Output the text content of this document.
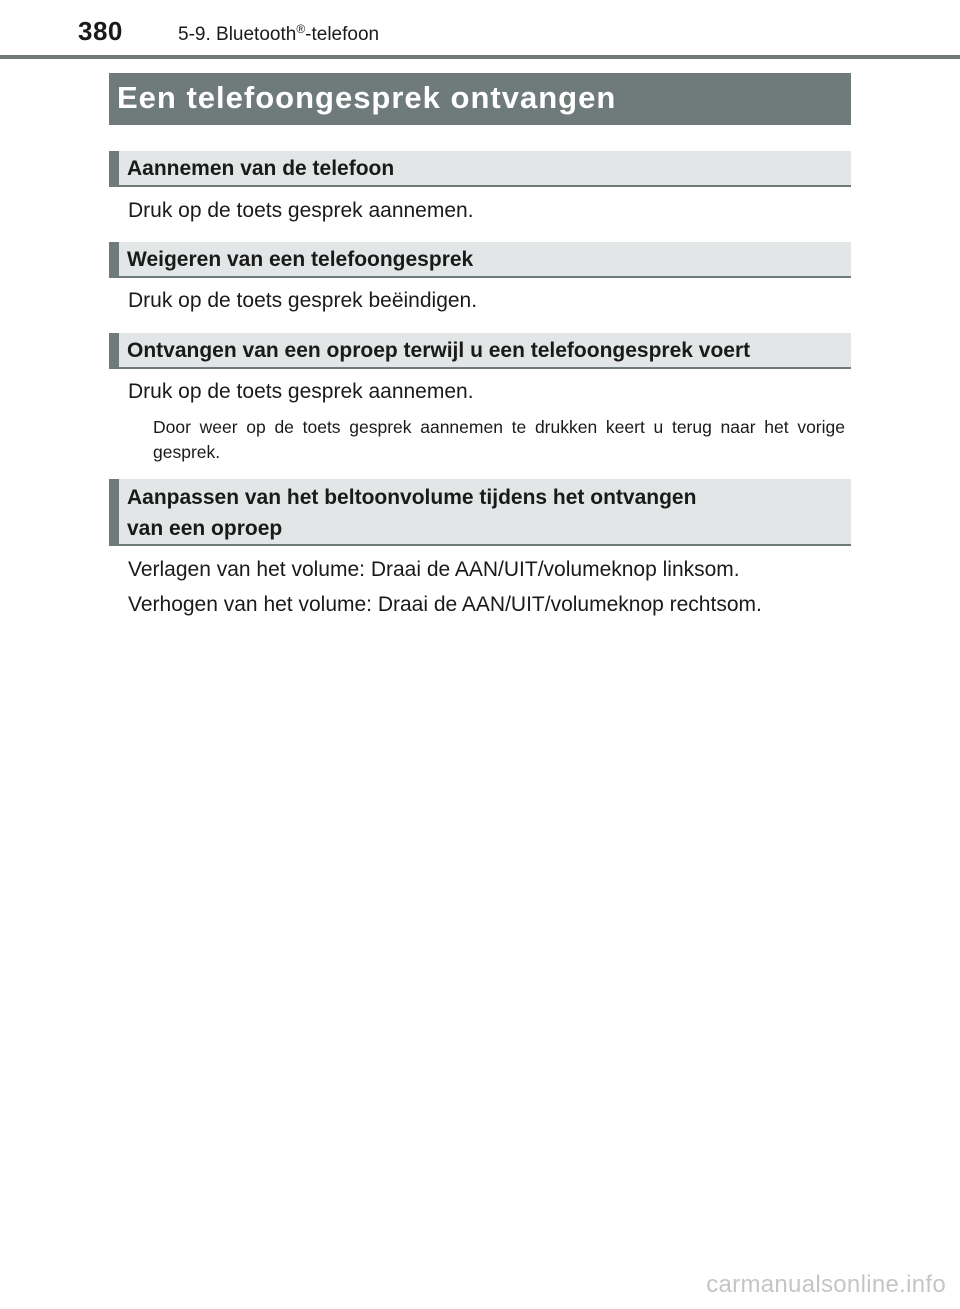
380	5-9. Bluetooth®-telefoon
Een telefoongesprek ontvangen
Aannemen van de telefoon
Druk op de toets gesprek aannemen.
Weigeren van een telefoongesprek
Druk op de toets gesprek beëindigen.
Ontvangen van een oproep terwijl u een telefoongesprek voert
Druk op de toets gesprek aannemen.
Door weer op de toets gesprek aannemen te drukken keert u terug naar het vorige gesprek.
Aanpassen van het beltoonvolume tijdens het ontvangen
van een oproep
Verlagen van het volume: Draai de AAN/UIT/volumeknop linksom.
Verhogen van het volume: Draai de AAN/UIT/volumeknop rechtsom.
carmanualsonline.info
